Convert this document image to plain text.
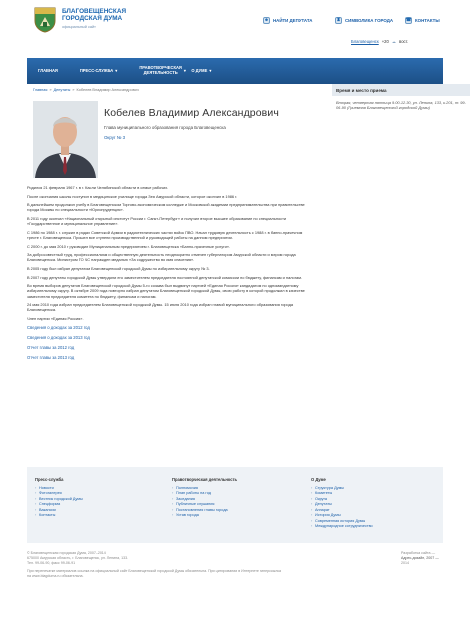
БЛАГОВЕЩЕНСКАЯ
ГОРОДСКАЯ ДУМА
официальный сайт
☻ НАЙТИ ДЕПУТАТА	♜	СИМВОЛИКА ГОРОДА	☎ КОНТАКТЫ
Благовещенск +20 ☁ вост.
ГЛАВНАЯ	ПРЕСС-СЛУЖБА ▾	ПРАВОТВОРЧЕСКАЯ ДЕЯТЕЛЬНОСТЬ	▾ О ДУМЕ ▾
Главная » Депутаты » Кобелев Владимир Александрович
Кобелев Владимир Александрович
Глава муниципального образования города Благовещенска
Округ № 3

Родился 21 февраля 1967 г. в г. Касли Челябинской области в семье рабочих.

После окончания школы поступил в медицинское училище города Зея Амурской области, которое окончил в 1986 г.

В дальнейшем продолжил учебу в Благовещенском Торгово-экономическом колледже и Московской академии предпринимательства при правительстве города Москвы по специальности «Юриспруденция».

В 2011 году окончил «Национальный открытый институт России г. Санкт-Петербург» и получил второе высшее образование по специальности «Государственное и муниципальное управление».

С 1986 по 1988 г. г. служил в рядах Советской Армии в радиотехнических частях войск ПВО. Начал трудовую деятельность с 1988 г. в банно-прачечном тресте г. Благовещенска. Прошел все ступени производственной и руководящей работы на данном предприятии.

С 2000 г. до мая 2010 г руководил Муниципальным предприятием г. Благовещенска «Банно-прачечные услуги».

За добросовестный труд, профессионализм и общественную деятельность неоднократно отмечен губернатором Амурской области и мэром города Благовещенска. Министром ГО ЧС награжден медалью «За содружество во имя спасения».

В 2005 году был избран депутатом Благовещенской городской Думы по избирательному округу № 3.

В 2007 году депутаты городской Думы утвердили его заместителем председателя постоянной депутатской комиссии по бюджету, финансам и налогам.

Во время выборов депутатов Благовещенской городской Думы 5-го созыва был выдвинут партией «Единая Россия» кандидатом по одномандатному избирательному округу. В октябре 2009 года повторно избран депутатом Благовещенской городской Думы, свою работу в которой продолжил в качестве заместителя председателя комитета по бюджету, финансам и налогам.

24 мая 2010 года избран председателем Благовещенской городской Думы. 15 июля 2010 года избран главой муниципального образования города Благовещенска.

Член партии «Единая Россия».

Сведения о доходах за 2012 год
Сведения о доходах за 2013 год
Отчет главы за 2012 год
Отчет главы за 2013 год
Время и место приема
Вторая, четвертая пятница 9.00-12.30, ул. Ленина, 133, к.201, т: 99-06-90 (Гриемная Благовещенской городской Думы)
Пресс-служба
› Новости
› Фотогалерея
› Вестник городской Думы
› Спецформа
› Вакансии
› Контакты
Правотворческая деятельность
› Полномочия
› План работы на год
› Заседания
› Публичные слушания
› Постановления главы города
› Устав города
О Думе
› Структура Думы
› Комитеты
› Округа
› Депутаты
› Аппарат
› История Думы
› Современная история Думы
› Международное сотрудничество
© Благовещенская городская Дума, 2007–2014
675000 Амурская область, г. Благовещенск, ул. Ленина, 133.
Тел. 99-06-90, факс 99-06-91
При перепечатке материалов ссылка на официальный сайт Благовещенской городской Думы обязательна. При цитировании в Интернете гиперссылка
на www.blagduma.ru обязательна.
Разработка сайта —
Адрес-дизайн, 2007 —
2014
